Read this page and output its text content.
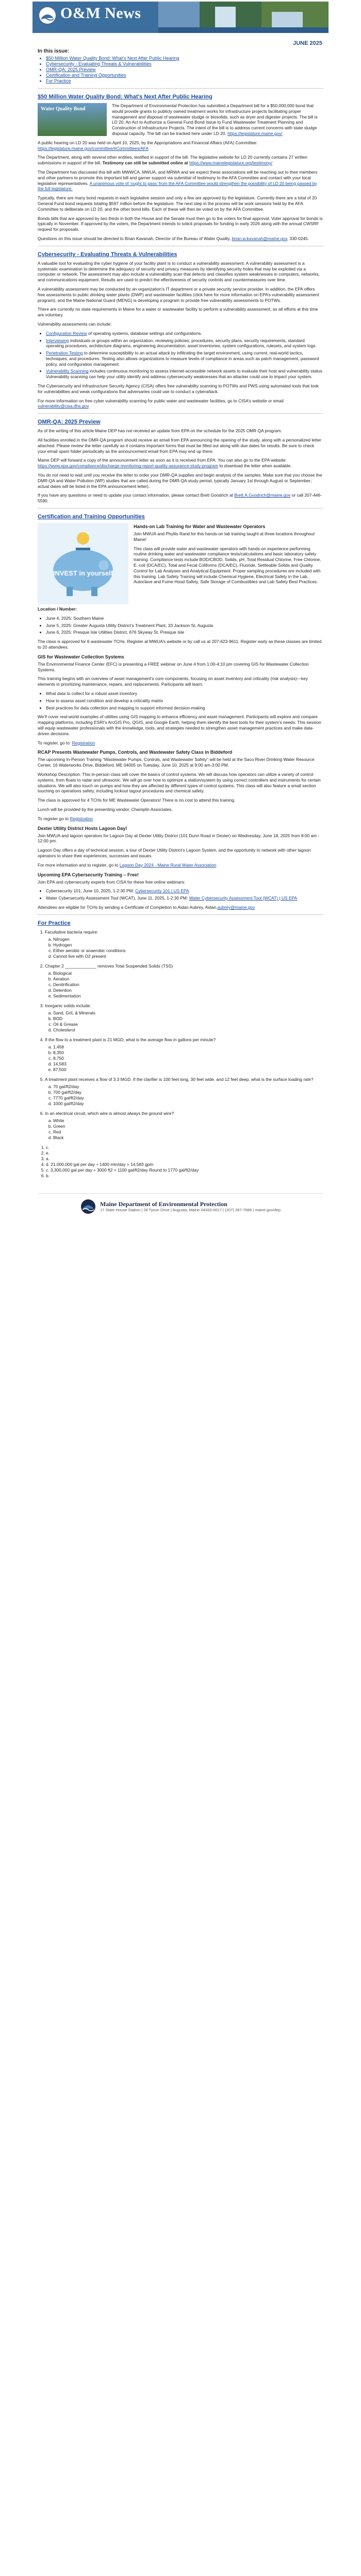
O&M News
JUNE 2025
In this issue:
• $50 Million Water Quality Bond: What's Next After Public Hearing
• Cybersecurity - Evaluating Threats & Vulnerabilities
• OMR-QA: 2025 Preview
• Certification and Training Opportunities
• For Practice
$50 Million Water Quality Bond: What's Next After Public Hearing
Water Quality Bond

The Department of Environmental Protection has submitted a Department bill for a $50,000,000 bond that would provide grants to publicly owned treatment works for infrastructure projects facilitating proper management and disposal of wastewater sludge or biosolids, such as dryer and digester projects. The bill is LD 20, An Act to Authorize a General Fund Bond Issue to Fund Wastewater Treatment Planning and Construction of Infrastructure Projects. The intent of the bill is to address current concerns with state sludge disposal capacity. The bill can be tracked here under LD 20. https://legislature.maine.gov/

A public hearing on LD 20 was held on April 10, 2025, by the Appropriations and Financial Affairs (AFA) Committee: https://legislature.maine.gov/committee/#Committees/AFA

The Department, along with several other entities, testified in support of the bill. The legislative website for LD 20 currently contains 27 written submissions in support of the bill. Testimony can still be submitted online at https://www.mainelegislature.org/testimony/

The Department has discussed this bill with MWWCA, MWUA, and MRWA and we expect these associations will be reaching out to their members and other partners to promote this important bill and garner support via submittal of testimony to the AFA Committee and contact with your local legislative representatives. A unanimous vote of ‘ought to pass’ from the AFA Committee would strengthen the possibility of LD 20 being passed by the full legislature.

Typically, there are many bond requests in each legislative session and only a few are approved by the legislature. Currently there are a total of 20 General Fund bond requests totaling $597 million before the legislature. The next step in the process will be work sessions held by the AFA Committee to deliberate on LD 20, and the other bond bills. Each of these will then be voted on by the AFA Committee.

Bonds bills that are approved by two thirds in both the House and the Senate must then go to the voters for final approval. Voter approval for bonds is typically in November. If approved by the voters, the Department intends to solicit proposals for funding in early 2026 along with the annual CWSRF request for proposals.

Questions on this issue should be directed to Brian Kavanah, Director of the Bureau of Water Quality, brian.w.kavanah@maine.gov, 330-0245.

Cybersecurity - Evaluating Threats & Vulnerabilities

A valuable tool for evaluating the cyber hygiene of your facility plant is to conduct a vulnerability assessment. A vulnerability assessment is a systematic examination to determine the adequacy of security and privacy measures by identifying security holes that may be exploited via a computer or network. The assessment may also include a vulnerability scan that detects and classifies system weaknesses in computers, networks, and communications equipment. Results are used to predict the effectiveness of security controls and countermeasures over time.

A vulnerability assessment may be conducted by an organization’s IT department or a private security service provider. In addition, the EPA offers free assessments to public drinking water plants (DWP) and wastewater facilities (click here for more information on EPA’s vulnerability assessment program), and the Maine National Guard (MENG) is developing a program to provide free vulnerability assessments to POTWs.

There are currently no state requirements in Maine for a water or wastewater facility to perform a vulnerability assessment, so all efforts at this time are voluntary.

Vulnerability assessments can include:

• Configuration Review of operating systems, database settings and configurations.
• Interviewing individuals or groups within an organization, reviewing policies, procedures, security plans, security requirements, standard operating procedures, architecture diagrams, engineering documentation, asset inventories, system configurations, rulesets, and system logs.
• Penetration Testing to determine susceptibility to an actual attack by infiltrating the target environment, using current, real-world tactics, techniques, and procedures. Testing also allows organizations to measure levels of compliance in areas such as patch management, password policy, and configuration management.
• Vulnerability Scanning includes continuous monitoring to assess internet-accessible network assets to evaluate their host and vulnerability status. Vulnerability scanning can help your utility identify and address cybersecurity weaknesses that an attacker could use to impact your system.

The Cybersecurity and Infrastructure Security Agency (CISA) offers free vulnerability scanning to POTWs and PWS using automated tools that look for vulnerabilities and weak configurations that adversaries could use to conduct a cyberattack.

For more information on free cyber vulnerability scanning for public water and wastewater facilities, go to CISA’s website or email vulnerability@cisa.dhs.gov.

OMR-QA: 2025 Preview

As of the writing of this article Maine DEP has not received an update from EPA on the schedule for the 2025 OMR QA program.

All facilities enrolled in the DMR-QA program should receive an email from EPA announcing the opening of the study, along with a personalized letter attached. Please review the letter carefully as it contains important forms that must be filled out along with due dates for results. Be sure to check your email spam folder periodically as the announcement email from EPA may end up there.

Maine DEP will forward a copy of the announcement letter as soon as it is received from EPA. You can also go to the EPA website: https://www.epa.gov/compliance/discharge-monitoring-report-quality-assurance-study-program to download the letter when available.

You do not need to wait until you receive the letter to order your DMR-QA supplies and begin analysis of the samples. Make sure that you choose the DMR-QA and Water Pollution (WP) studies that are called during the DMR-QA study period, typically January 1st through August or September; actual dates will be listed in the EPA announcement letter).

If you have any questions or need to update your contact information, please contact Brett Goodrich at Brett.A.Goodrich@maine.gov or call 207-446-5590.

Certification and Training Opportunities
INVEST in yourself
Hands-on Lab Training for Water and Wastewater Operators

Join MWUA and Phyllis Rand for this hands-on lab training taught at three locations throughout Maine!

This class will provide water and wastewater operators with hands-on experience performing routine drinking water and wastewater compliance tests/calculations and basic laboratory safety training. Compliance tests include BOD/CBOD, Solids, pH, Total Residual Chlorine, Free Chlorine, E. coli (DCA/EC), Total and Fecal Coliforms (DCA/EC), Fluoride, Settleable Solids and Quality Control for Lab Analyses and Analytical Equipment. Proper sampling procedures are included with this training. Lab Safety Training will include Chemical Hygiene, Electrical Safety in the Lab, Autoclave and Fume Hood Safety, Safe Storage of Combustibles and Lab Safety Best Practices.

Location / Number:

• June 4, 2025: Southern Maine
• June 5, 2025: Greater Augusta Utility District’s Treatment Plant, 33 Jackson St, Augusta
• June 6, 2025: Presque Isle Utilities District, 676 Skyway St, Presque Isle

The class is approved for 6 wastewater TCHs. Register at MWUA’s website or by call us at 207-623-9611. Register early as these classes are limited to 20 attendees.

GIS for Wastewater Collection Systems

The Environmental Finance Center (EFC) is presenting a FREE webinar on June 4 from 1:00-4:10 pm covering GIS for Wastewater Collection Systems.

This training begins with an overview of asset management’s core components, focusing on asset inventory and criticality (risk analysis)—key elements in prioritizing maintenance, repairs, and replacements. Participants will learn:

• What data to collect for a robust asset inventory
• How to assess asset condition and develop a criticality matrix
• Best practices for data collection and mapping to support informed decision-making

We’ll cover real-world examples of utilities using GIS mapping to enhance efficiency and asset management. Participants will explore and compare mapping platforms, including ESRI’s ArcGIS Pro, QGIS, and Google Earth, helping them identify the best tools for their system’s needs. This session will equip wastewater professionals with the knowledge, tools, and strategies needed to strengthen asset management practices and make data-driven decisions.

To register, go to: Registration

RCAP Presents Wastewater Pumps, Controls, and Wastewater Safety Class in Biddeford

The upcoming In-Person Training “Wastewater Pumps, Controls, and Wastewater Safety” will be held at the Saco River Drinking Water Resource Center, 16 Waterworks Drive, Biddeford, ME 04005 on Tuesday, June 10, 2025 at 9:00 am-3:00 PM.

Workshop Description: This in-person class will cover the basics of control systems. We will discuss how operators can utilize a variety of control systems, from floats to radar and ultrasonic. We will go over how to optimize a station/system by using correct controllers and instruments for certain situations. We will also touch on pumps and how they are affected by different types of control systems. This class will also feature a small section touching on operations safety, including lockout tagout procedures and chemical safety.

The class is approved for 4 TCHs for ME Wastewater Operators! There is no cost to attend this training.

Lunch will be provided by the presenting vendor, Champlin Associates.

To register go to Registration

Dexter Utility District Hosts Lagoon Day!

Join MWUA and lagoon operators for Lagoon Day at Dexter Utility District (101 Dunn Road in Dexter) on Wednesday, June 18, 2025 from 8:00 am - 12:00 pm.

Lagoon Day offers a day of technical session, a tour of Dexter Utility District’s Lagoon System, and the opportunity to network with other lagoon operators to share their experiences, successes and issues.

For more information and to register, go to Lagoon Day 2024 - Maine Rural Water Association

Upcoming EPA Cybersecurity Training – Free!

Join EPA and cybersecurity experts from CISA for these free online webinars:

• Cybersecurity 101, June 10, 2025, 1-2:30 PM: Cybersecurity 101 | US EPA
• Water Cybersecurity Assessment Tool (WCAT), June 11, 2025, 1-2:30 PM: Water Cybersecurity Assessment Tool (WCAT) | US EPA

Attendees are eligible for TCHs by sending a Certificate of Completion to Aidan Aubrey, Aidan.aubrey@maine.gov

For Practice
1. Facultative bacteria require:
a. Nitrogen
b. Hydrogen
c. Either aerobic or anaerobic conditions
d. Cannot live with O2 present
2. Chapter 2 _____________ removes Total Suspended Solids (TSS)
a. Biological
b. Aeration
c. Denitrification
d. Detention
e. Sedimentation
3. Inorganic solids include:
a. Sand, Grit, & Minerals
b. BOD
c. Oil & Grease
d. Cholesterol
4. If the flow to a treatment plant is 21 MGD, what is the average flow in gallons per minute?
a. 1,458
b. 8,350
c. 8,750
d. 14,583
e. 87,500
5. A treatment plant receives a flow of 3.3 MGD. If the clarifier is 100 feet long, 30 feet wide, and 12 feet deep, what is the surface loading rate?
a. 70 gal/ft2/day
b. 700 gal/ft2/day
c. 7770 gal/ft2/day
d. 1000 gal/ft2/day
6. In an electrical circuit, which wire is almost always the ground wire?
a. White
b. Green
c. Red
d. Black
1. c.
2. e.
3. a.
4. d. 21,000,000 gal per day ÷ 1400 min/day = 14,583 gpm
5. c. 3,300,000 gal per day ÷ 3000 ft2 = 1100 gal/ft2/day Round to 1770 gal/ft2/day
6. b.
Maine Department of Environmental Protection
17 State House Station | 28 Tyson Drive | Augusta, Maine 04333-0017 | (207) 287-7688 | maine.gov/dep
